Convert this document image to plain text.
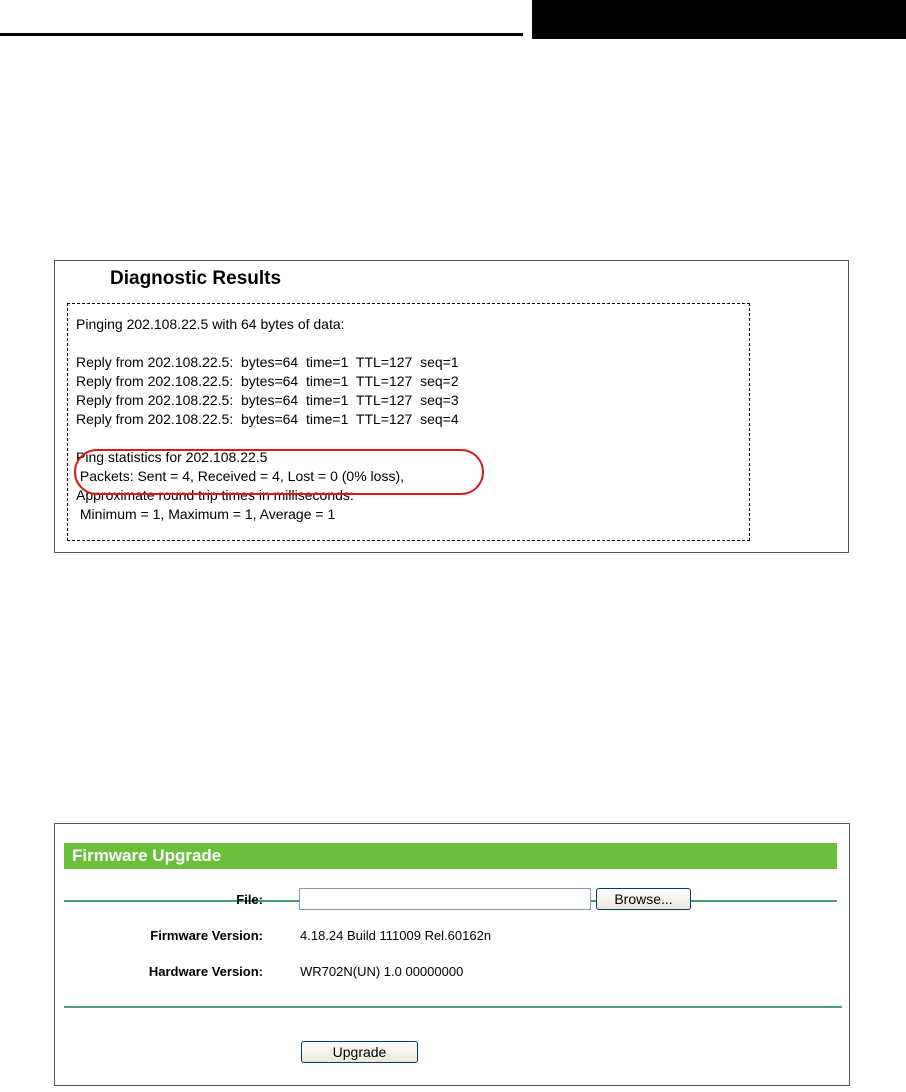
Diagnostic Results
Pinging 202.108.22.5 with 64 bytes of data:
Reply from 202.108.22.5:  bytes=64  time=1  TTL=127  seq=1
Reply from 202.108.22.5:  bytes=64  time=1  TTL=127  seq=2
Reply from 202.108.22.5:  bytes=64  time=1  TTL=127  seq=3
Reply from 202.108.22.5:  bytes=64  time=1  TTL=127  seq=4
Ping statistics for 202.108.22.5
Packets: Sent = 4, Received = 4, Lost = 0 (0% loss),
Approximate round trip times in milliseconds:
Minimum = 1, Maximum = 1, Average = 1
Firmware Upgrade
File:	Browse...
Firmware Version:	4.18.24 Build 111009 Rel.60162n
Hardware Version:	WR702N(UN) 1.0 00000000
Upgrade
